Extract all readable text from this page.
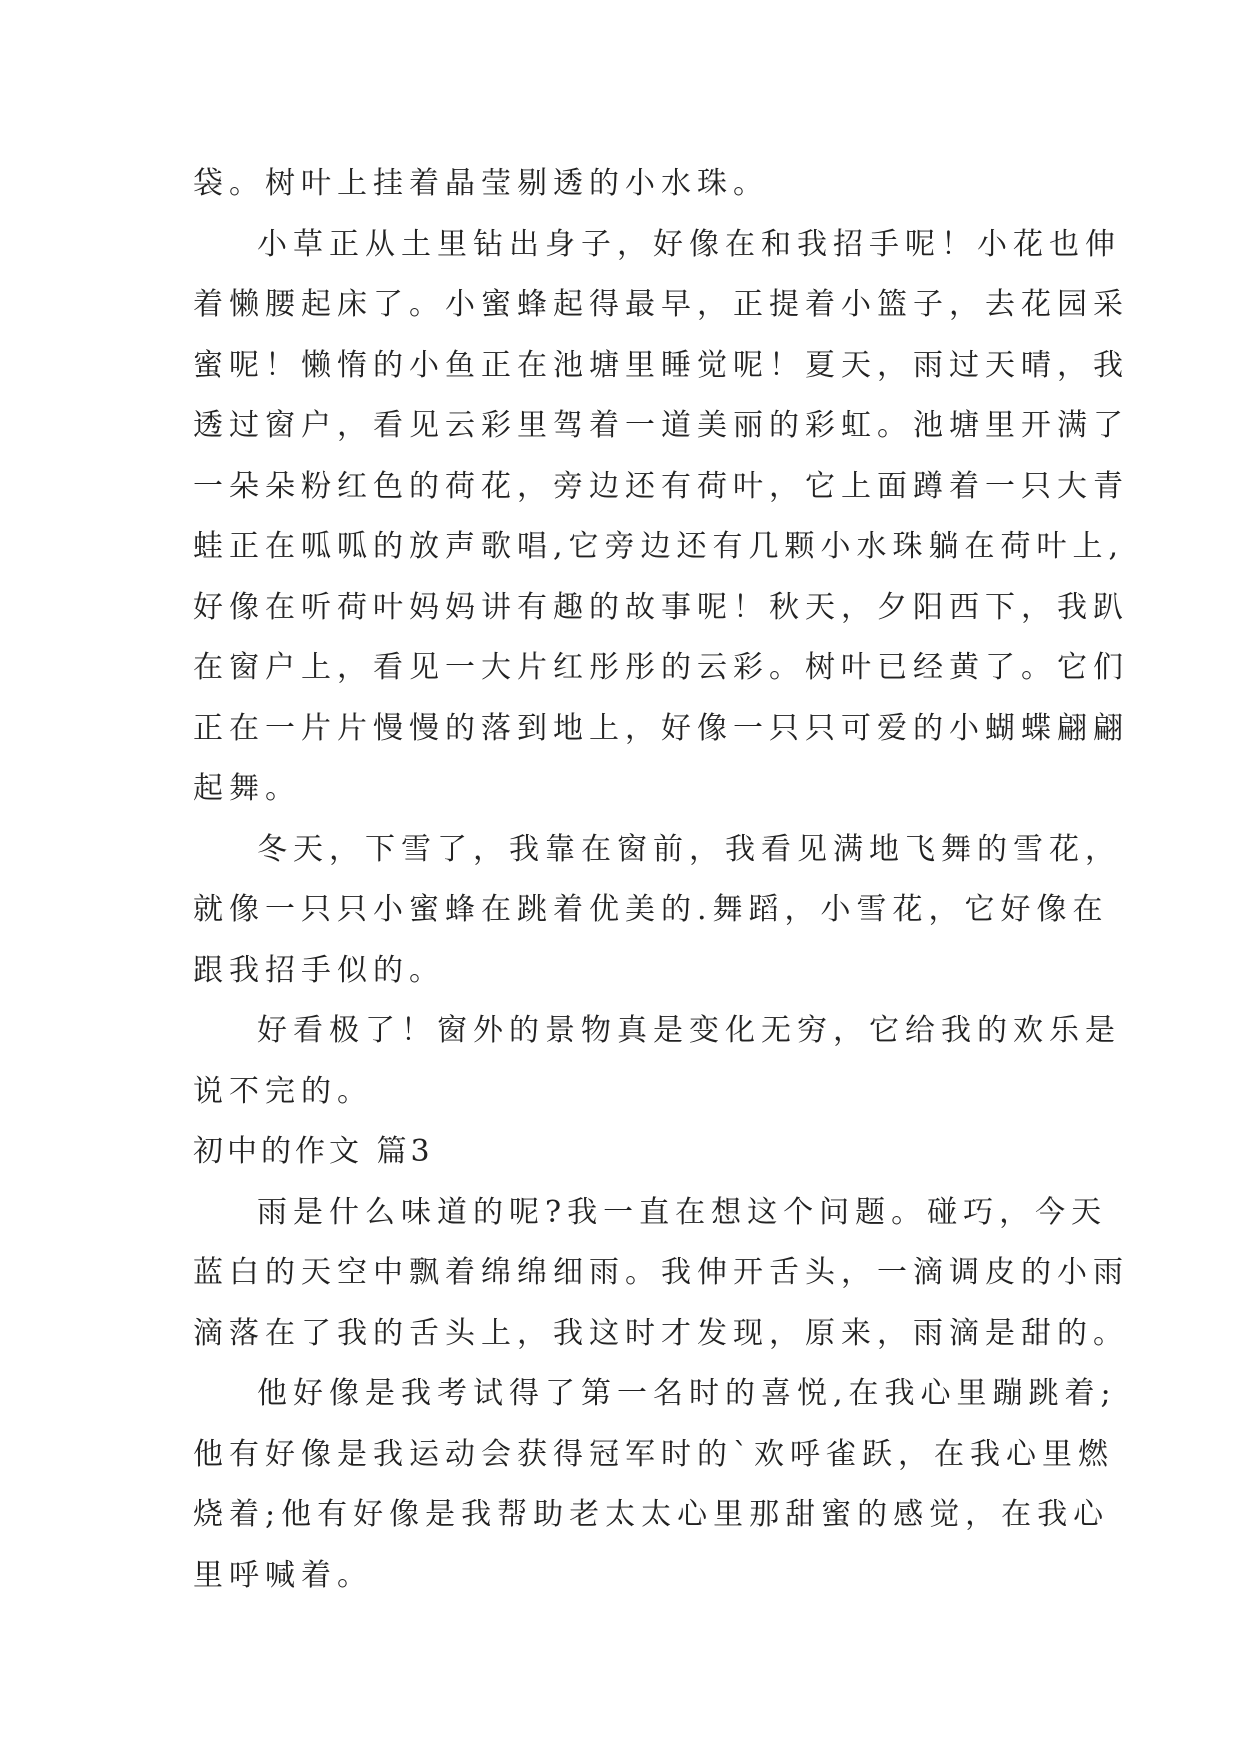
袋。树叶上挂着晶莹剔透的小水珠。
小草正从土里钻出身子，好像在和我招手呢！小花也伸
着懒腰起床了。小蜜蜂起得最早，正提着小篮子，去花园采
蜜呢！懒惰的小鱼正在池塘里睡觉呢！夏天，雨过天晴，我
透过窗户，看见云彩里驾着一道美丽的彩虹。池塘里开满了
一朵朵粉红色的荷花，旁边还有荷叶，它上面蹲着一只大青
蛙正在呱呱的放声歌唱,它旁边还有几颗小水珠躺在荷叶上,
好像在听荷叶妈妈讲有趣的故事呢！秋天，夕阳西下，我趴
在窗户上，看见一大片红彤彤的云彩。树叶已经黄了。它们
正在一片片慢慢的落到地上，好像一只只可爱的小蝴蝶翩翩
起舞。
冬天，下雪了，我靠在窗前，我看见满地飞舞的雪花，
就像一只只小蜜蜂在跳着优美的.舞蹈，小雪花，它好像在
跟我招手似的。
好看极了！窗外的景物真是变化无穷，它给我的欢乐是
说不完的。
初中的作文 篇3
雨是什么味道的呢?我一直在想这个问题。碰巧，今天
蓝白的天空中飘着绵绵细雨。我伸开舌头，一滴调皮的小雨
滴落在了我的舌头上，我这时才发现，原来，雨滴是甜的。
他好像是我考试得了第一名时的喜悦,在我心里蹦跳着;
他有好像是我运动会获得冠军时的`欢呼雀跃，在我心里燃
烧着;他有好像是我帮助老太太心里那甜蜜的感觉，在我心
里呼喊着。
